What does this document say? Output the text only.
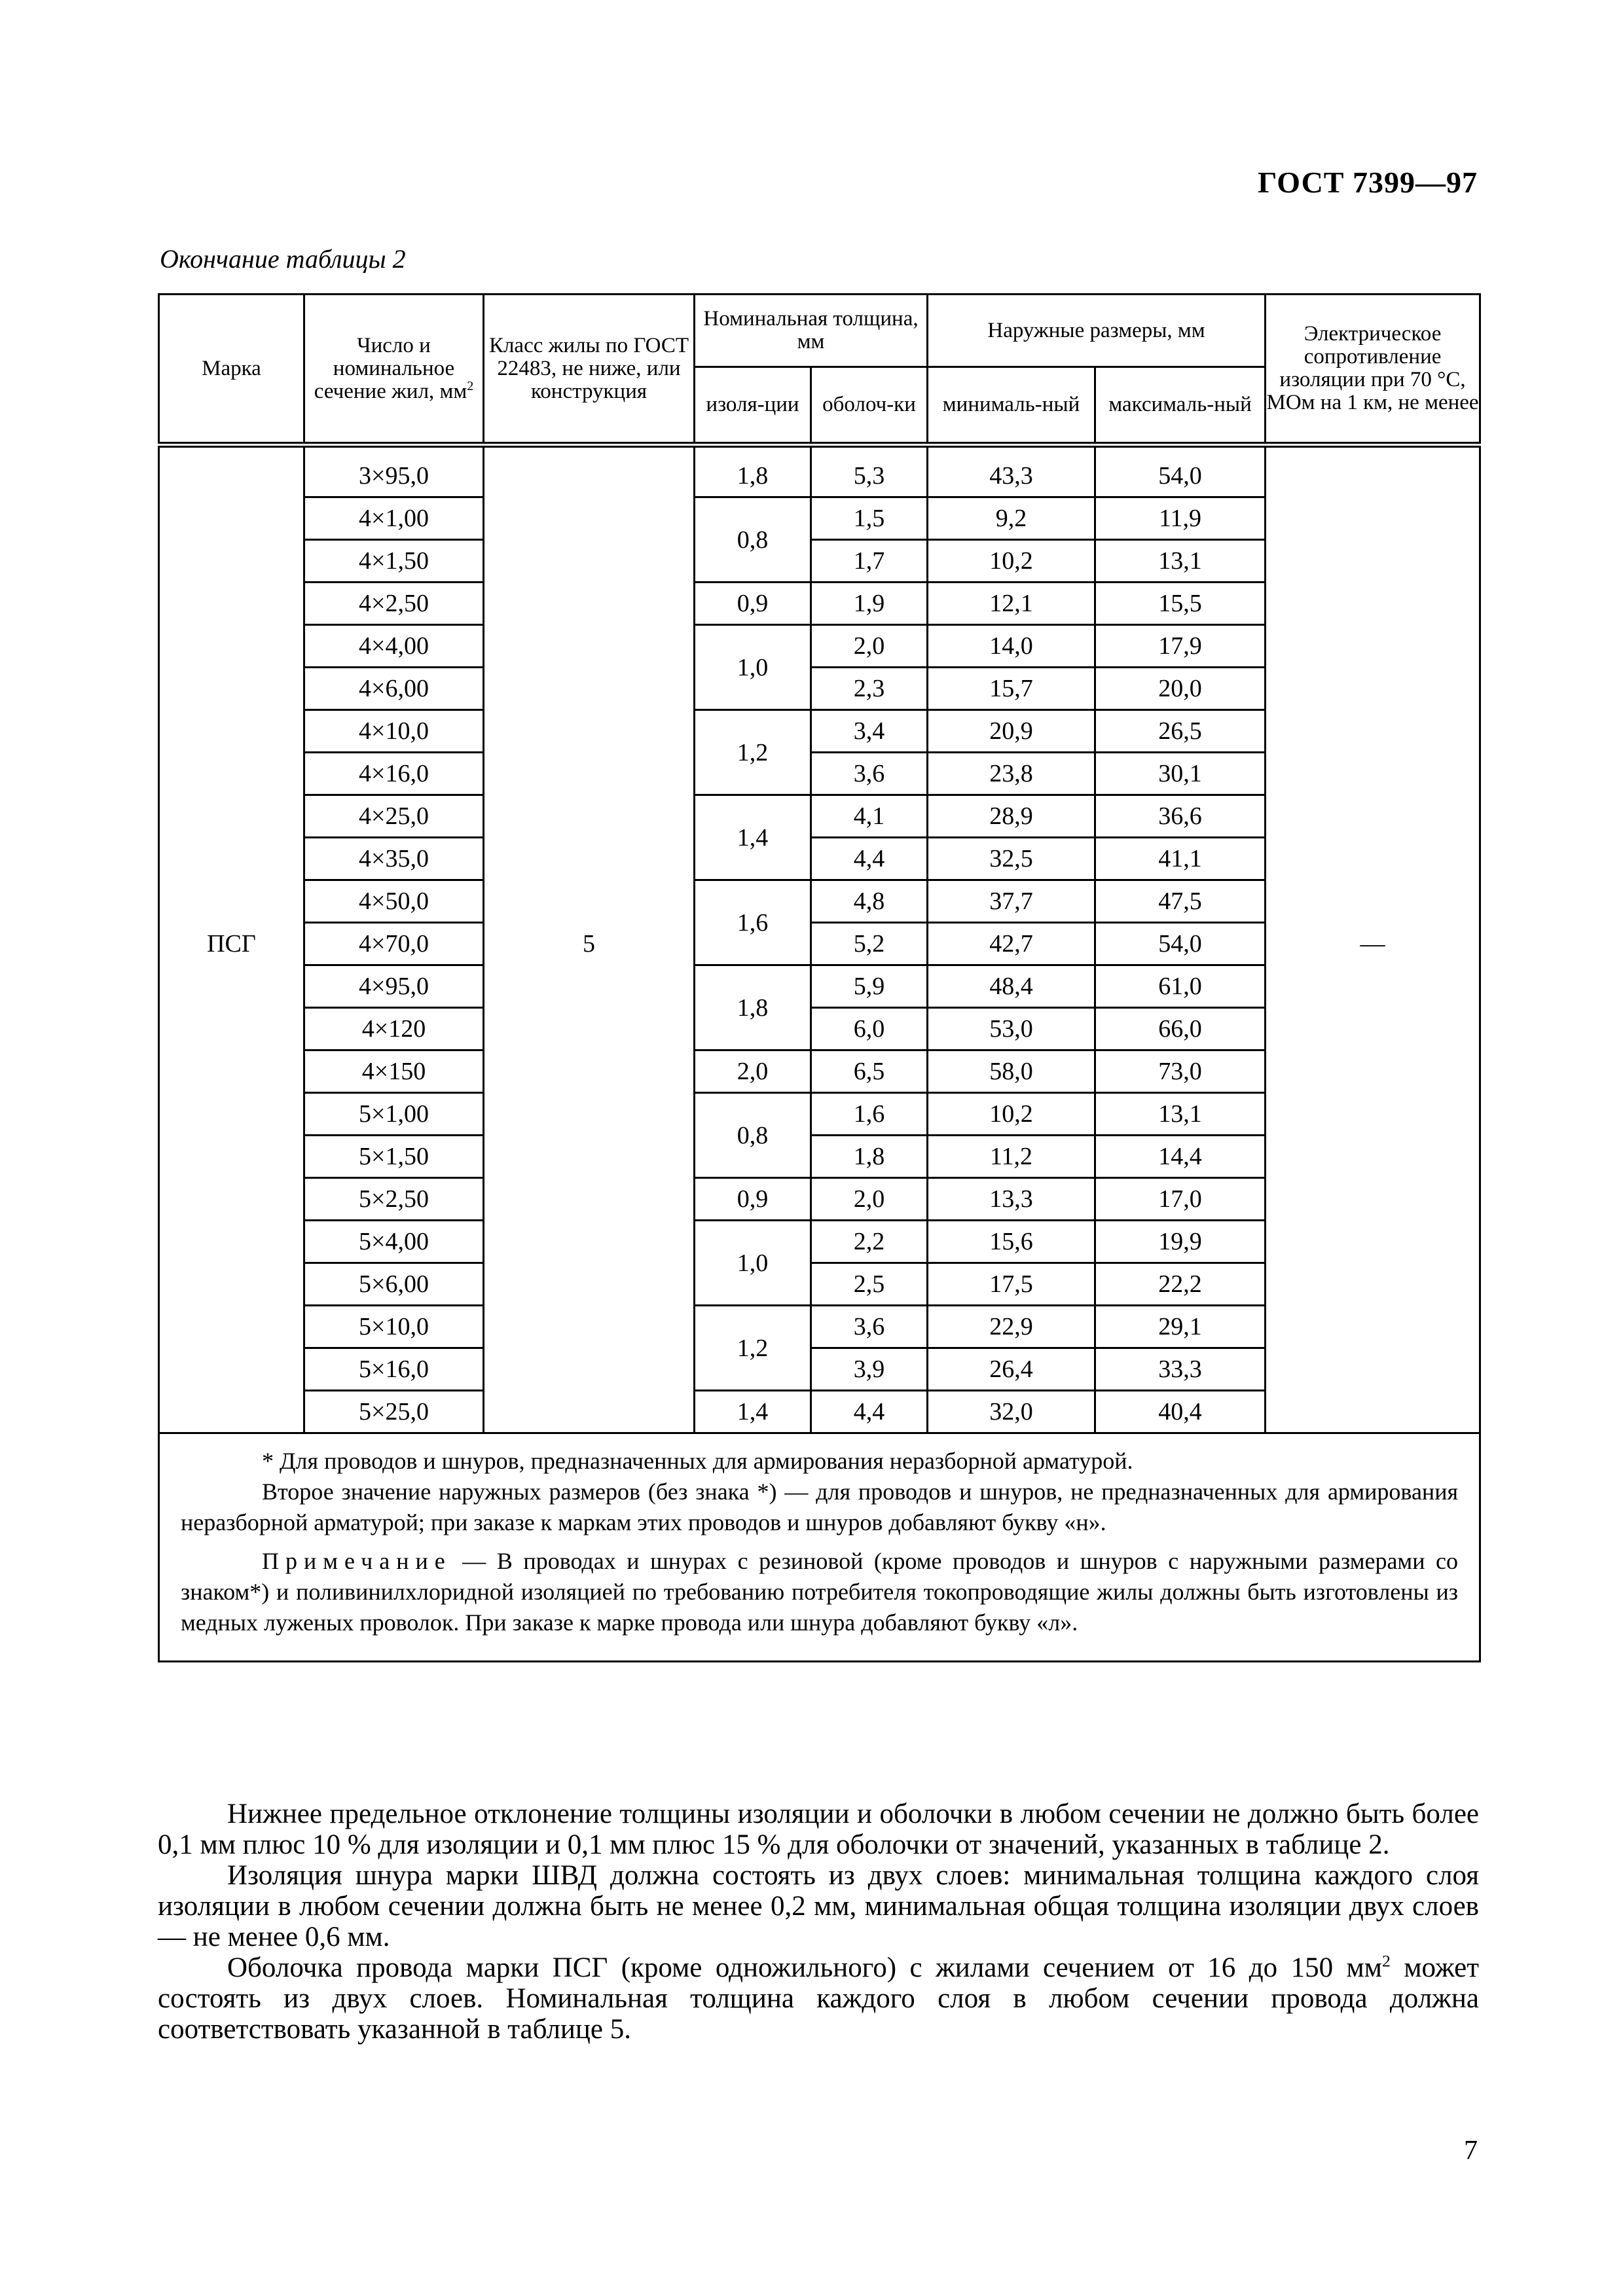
ГОСТ 7399—97
Окончание таблицы 2
Марка	Число и номинальное сечение жил, $мм^2$	Класс жилы по ГОСТ 22483, не ниже, или конструкция	Номинальная толщина, мм		Наружные размеры, мм		Электрическое сопротивление изоляции при 70 °С, МОм на 1 км, не менее
			изоля-ции	оболоч-ки	минималь-ный	максималь-ный	
ПСГ	3×95,0	5	1,8	5,3	43,3	54,0	—
	4×1,00		0,8	1,5	9,2	11,9	
	4×1,50			1,7	10,2	13,1	
	4×2,50		0,9	1,9	12,1	15,5	
	4×4,00		1,0	2,0	14,0	17,9	
	4×6,00			2,3	15,7	20,0	
	4×10,0		1,2	3,4	20,9	26,5	
	4×16,0			3,6	23,8	30,1	
	4×25,0		1,4	4,1	28,9	36,6	
	4×35,0			4,4	32,5	41,1	
	4×50,0		1,6	4,8	37,7	47,5	
	4×70,0			5,2	42,7	54,0	
	4×95,0		1,8	5,9	48,4	61,0	
	4×120			6,0	53,0	66,0	
	4×150		2,0	6,5	58,0	73,0	
	5×1,00		0,8	1,6	10,2	13,1	
	5×1,50			1,8	11,2	14,4	
	5×2,50		0,9	2,0	13,3	17,0	
	5×4,00		1,0	2,2	15,6	19,9	
	5×6,00			2,5	17,5	22,2	
	5×10,0		1,2	3,6	22,9	29,1	
	5×16,0			3,9	26,4	33,3	
	5×25,0		1,4	4,4	32,0	40,4	

* Для проводов и шнуров, предназначенных для армирования неразборной арматурой.
Второе значение наружных размеров (без знака *) — для проводов и шнуров, не предназначенных для армирования неразборной арматурой; при заказе к маркам этих проводов и шнуров добавляют букву «н».
Примечание — В проводах и шнурах с резиновой (кроме проводов и шнуров с наружными размерами со знаком*) и поливинилхлоридной изоляцией по требованию потребителя токопроводящие жилы должны быть изготовлены из медных луженых проволок. При заказе к марке провода или шнура добавляют букву «л».							

Нижнее предельное отклонение толщины изоляции и оболочки в любом сечении не должно быть более 0,1 мм плюс 10 % для изоляции и 0,1 мм плюс 15 % для оболочки от значений, указанных в таблице 2.

Изоляция шнура марки ШВД должна состоять из двух слоев: минимальная толщина каждого слоя изоляции в любом сечении должна быть не менее 0,2 мм, минимальная общая толщина изоляции двух слоев — не менее 0,6 мм.

Оболочка провода марки ПСГ (кроме одножильного) с жилами сечением от 16 до 150 $мм^2$ может состоять из двух слоев. Номинальная толщина каждого слоя в любом сечении провода должна соответствовать указанной в таблице 5.

7
